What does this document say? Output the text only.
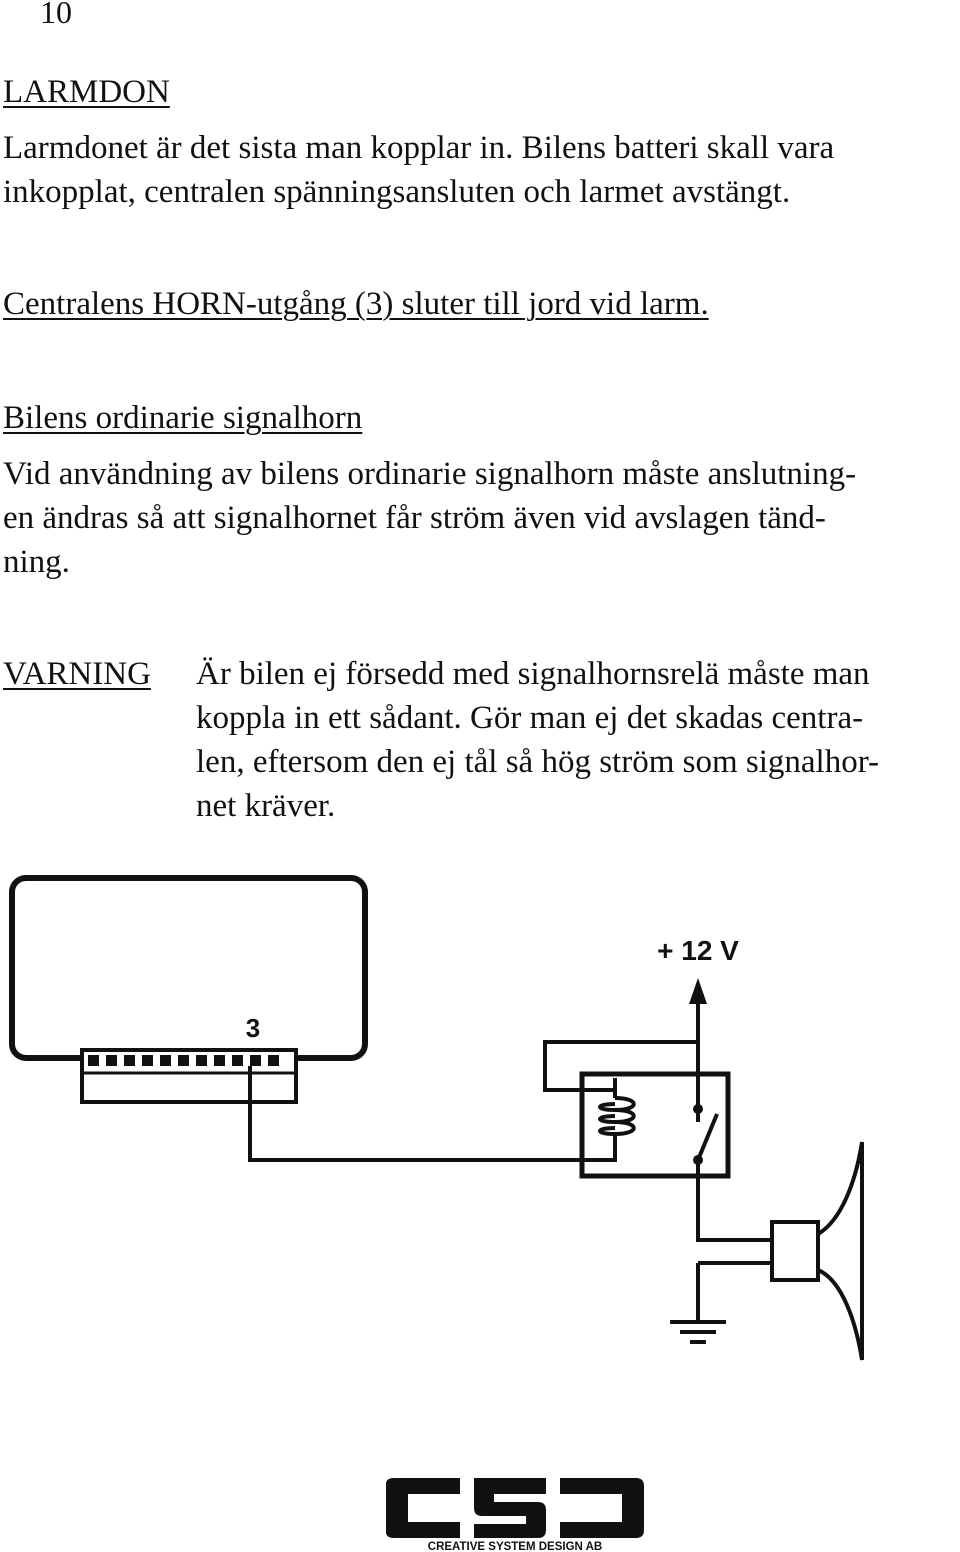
10
LARMDON
Larmdonet är det sista man kopplar in. Bilens batteri skall vara
inkopplat, centralen spänningsansluten och larmet avstängt.
Centralens HORN-utgång (3) sluter till jord vid larm.
Bilens ordinarie signalhorn
Vid användning av bilens ordinarie signalhorn måste anslutning-
en ändras så att signalhornet får ström även vid avslagen tänd-
ning.
VARNING Är bilen ej försedd med signalhornsrelä måste man
koppla in ett sådant. Gör man ej det skadas centra-
len, eftersom den ej tål så hög ström som signalhor-
net kräver.
3
+ 12 V
CREATIVE SYSTEM DESIGN AB
